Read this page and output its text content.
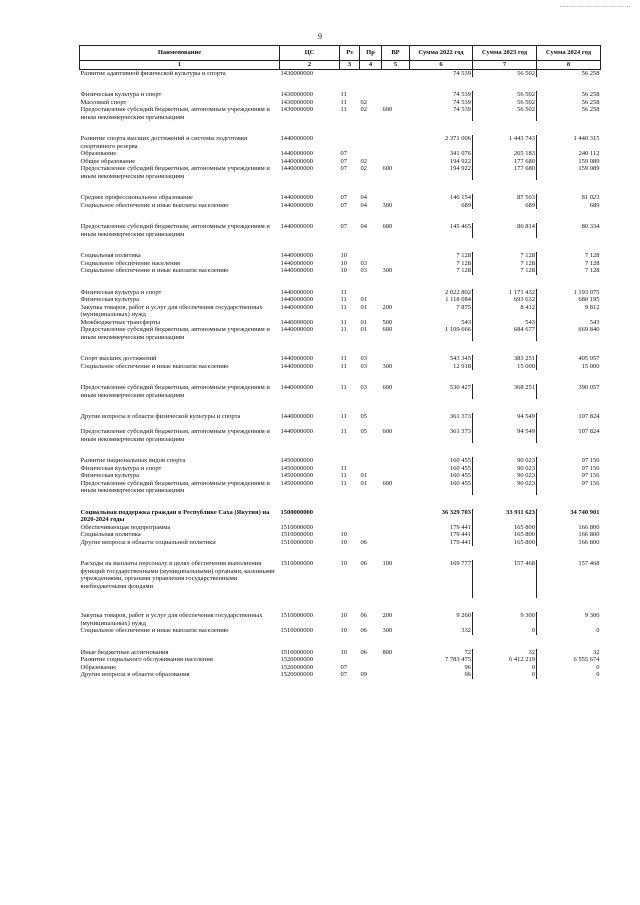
9
Наименование	ЦС	Рз	Пр	ВР	Сумма 2022 год	Сумма 2023 год	Сумма 2024 год
1	2	3	4	5	6	7	8
Развитие адаптивной физической культуры и спорта	1430000000				74 539	56 502	56 258

Физическая культура и спорт	1430000000	11			74 539	56 502	56 258
Массовый спорт	1430000000	11	02		74 539	56 502	56 258
Предоставление субсидий бюджетным, автономным учреждениям и иным некоммерческим организациям	1430000000	11	02	600	74 539	56 502	56 258

Развитие спорта высших достижений и системы подготовки спортивного резерва	1440000000				2 371 006	1 443 743	1 440 315
Образование	1440000000	07			341 076	265 183	240 112
Общее образование	1440000000	07	02		194 922	177 680	159 089
Предоставление субсидий бюджетным, автономным учреждениям и иным некоммерческим организациям	1440000000	07	02	600	194 922	177 680	159 089

Среднее профессиональное образование	1440000000	07	04		146 154	87 503	81 023
Социальное обеспечение и иные выплаты населению	1440000000	07	04	300	689	689	689

Предоставление субсидий бюджетным, автономным учреждениям и иным некоммерческим организациям	1440000000	07	04	600	145 465	86 814	80 334

Социальная политика	1440000000	10			7 128	7 128	7 128
Социальное обеспечение населения	1440000000	10	03		7 128	7 128	7 128
Социальное обеспечение и иные выплаты населению	1440000000	10	03	300	7 128	7 128	7 128

Физическая культура и спорт	1440000000	11			2 022 802	1 171 432	1 193 075
Физическая культура	1440000000	11	01		1 118 084	693 632	680 195
Закупка товаров, работ и услуг для обеспечения государственных (муниципальных) нужд	1440000000	11	01	200	7 875	8 412	9 812
Межбюджетные трансферты	1440000000	11	01	500	543	543	543
Предоставление субсидий бюджетным, автономным учреждениям и иным некоммерческим организациям	1440000000	11	01	600	1 109 666	684 677	669 840

Спорт высших достижений	1440000000	11	03		543 345	383 251	405 057
Социальное обеспечение и иные выплаты населению	1440000000	11	03	300	12 918	15 000	15 000

Предоставление субсидий бюджетным, автономным учреждениям и иным некоммерческим организациям	1440000000	11	03	600	530 427	368 251	390 057

Другие вопросы в области физической культуры и спорта	1440000000	11	05		361 373	94 549	107 824
Предоставление субсидий бюджетным, автономным учреждениям и иным некоммерческим организациям	1440000000	11	05	600	361 373	94 549	107 824

Развитие национальных видов спорта	1450000000				160 455	90 023	97 156
Физическая культура и спорт	1450000000	11			160 455	90 023	97 156
Физическая культура	1450000000	11	01		160 455	90 023	97 156
Предоставление субсидий бюджетным, автономным учреждениям и иным некоммерческим организациям	1450000000	11	01	600	160 455	90 023	97 156

Социальная поддержка граждан в Республике Саха (Якутия) на 2020-2024 годы	1500000000				36 329 703	33 911 623	34 740 901
Обеспечивающая подпрограмма	1510000000				179 441	165 800	166 800
Социальная политика	1510000000	10			179 441	165 800	166 800
Другие вопросы в области социальной политики	1510000000	10	06		179 441	165 800	166 800

Расходы на выплаты персоналу в целях обеспечения выполнения функций государственными (муниципальными) органами, казенными учреждениями, органами управления государственными внебюджетными фондами	1510000000	10	06	100	169 777	157 468	157 468

Закупка товаров, работ и услуг для обеспечения государственных (муниципальных) нужд	1510000000	10	06	200	9 260	9 300	9 300
Социальное обеспечение и иные выплаты населению	1510000000	10	06	300	332	0	0

Иные бюджетные ассигнования	1510000000	10	06	800	72	32	32
Развитие социального обслуживания населения	1520000000				7 783 475	6 412 219	6 555 674
Образование	1520000000	07			96	0	0
Другие вопросы в области образования	1520000000	07	09		96	0	0
